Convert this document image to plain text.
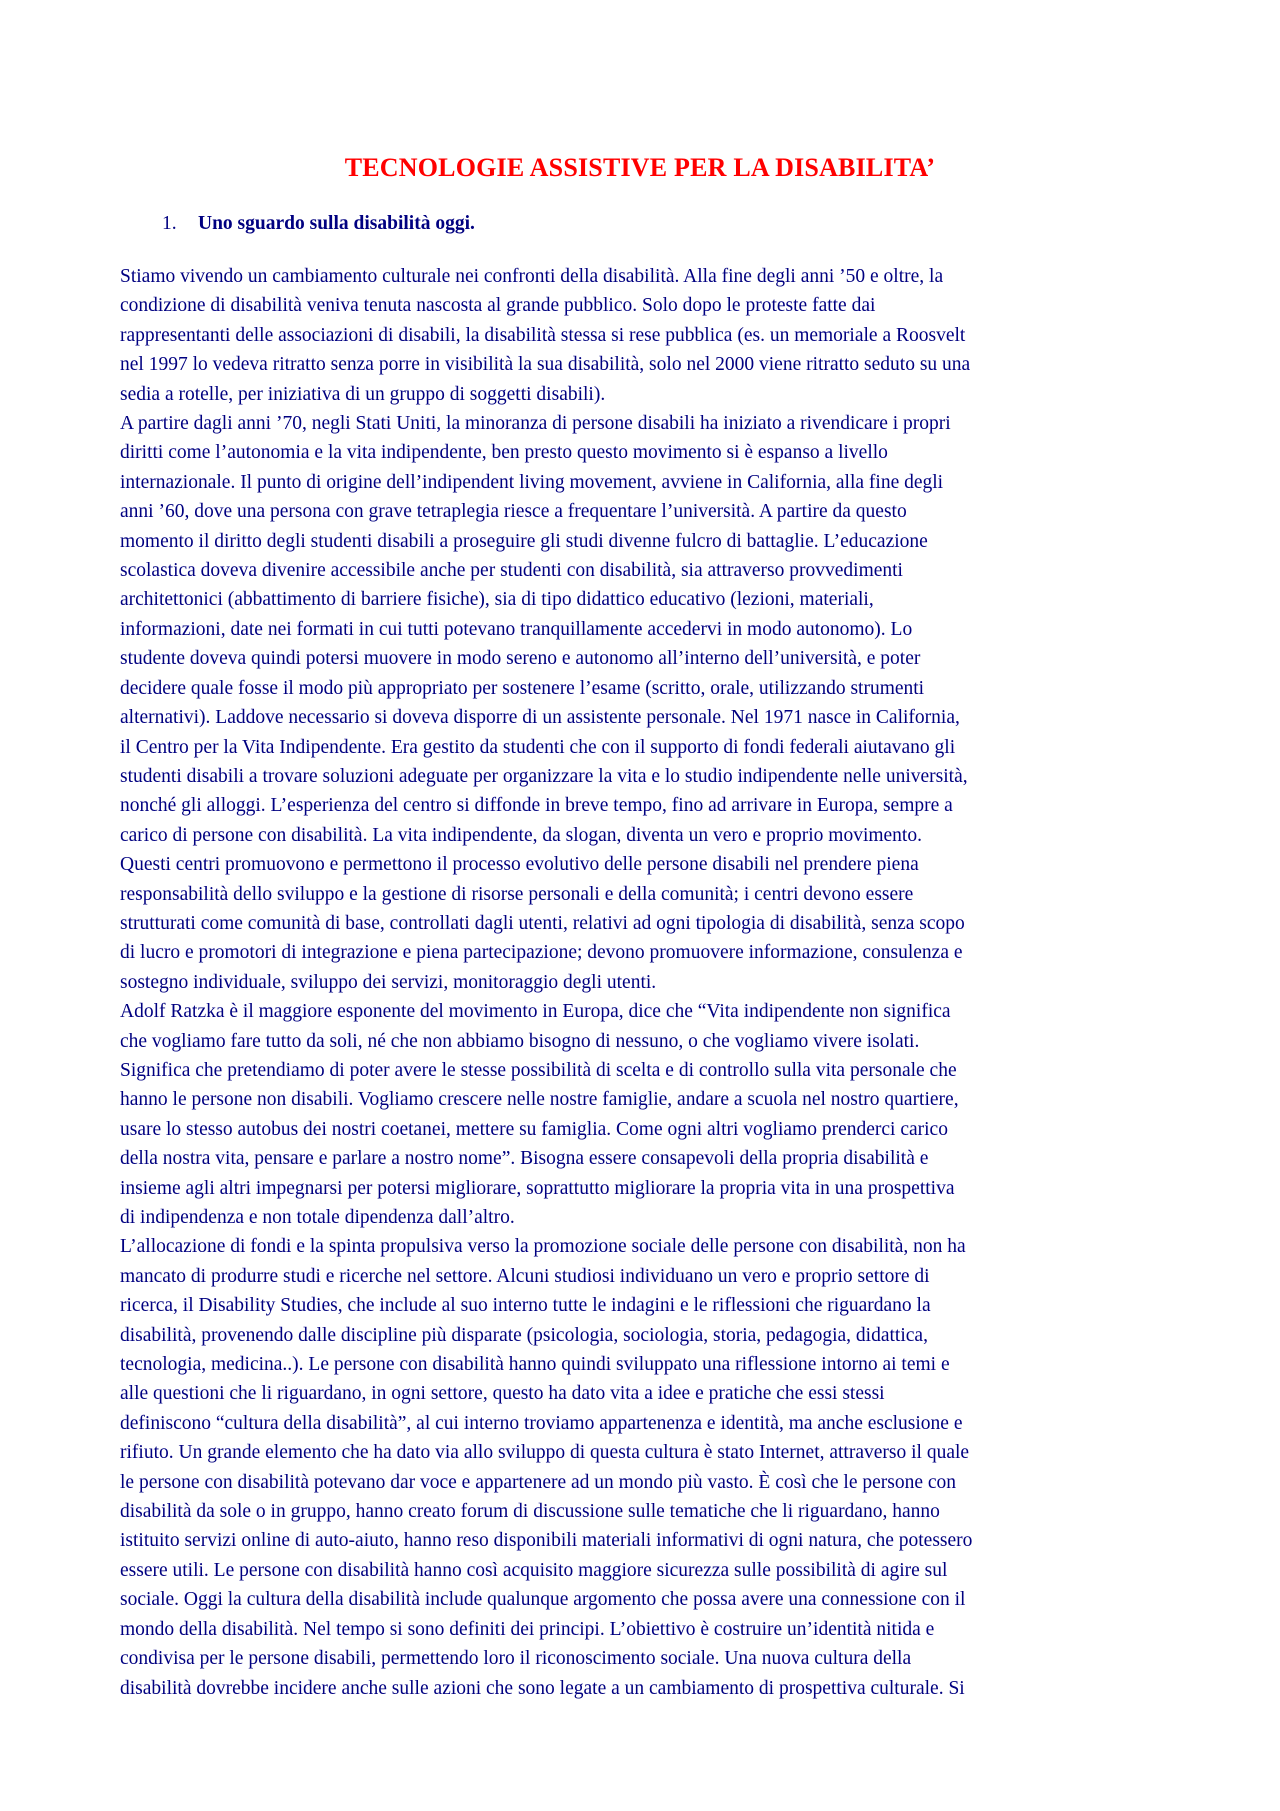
TECNOLOGIE ASSISTIVE PER LA DISABILITA’
1. Uno sguardo sulla disabilità oggi.
Stiamo vivendo un cambiamento culturale nei confronti della disabilità. Alla fine degli anni ’50 e oltre, la
condizione di disabilità veniva tenuta nascosta al grande pubblico. Solo dopo le proteste fatte dai
rappresentanti delle associazioni di disabili, la disabilità stessa si rese pubblica (es. un memoriale a Roosvelt
nel 1997 lo vedeva ritratto senza porre in visibilità la sua disabilità, solo nel 2000 viene ritratto seduto su una
sedia a rotelle, per iniziativa di un gruppo di soggetti disabili).
A partire dagli anni ’70, negli Stati Uniti, la minoranza di persone disabili ha iniziato a rivendicare i propri
diritti come l’autonomia e la vita indipendente, ben presto questo movimento si è espanso a livello
internazionale. Il punto di origine dell’indipendent living movement, avviene in California, alla fine degli
anni ’60, dove una persona con grave tetraplegia riesce a frequentare l’università. A partire da questo
momento il diritto degli studenti disabili a proseguire gli studi divenne fulcro di battaglie. L’educazione
scolastica doveva divenire accessibile anche per studenti con disabilità, sia attraverso provvedimenti
architettonici (abbattimento di barriere fisiche), sia di tipo didattico educativo (lezioni, materiali,
informazioni, date nei formati in cui tutti potevano tranquillamente accedervi in modo autonomo). Lo
studente doveva quindi potersi muovere in modo sereno e autonomo all’interno dell’università, e poter
decidere quale fosse il modo più appropriato per sostenere l’esame (scritto, orale, utilizzando strumenti
alternativi). Laddove necessario si doveva disporre di un assistente personale. Nel 1971 nasce in California,
il Centro per la Vita Indipendente. Era gestito da studenti che con il supporto di fondi federali aiutavano gli
studenti disabili a trovare soluzioni adeguate per organizzare la vita e lo studio indipendente nelle università,
nonché gli alloggi. L’esperienza del centro si diffonde in breve tempo, fino ad arrivare in Europa, sempre a
carico di persone con disabilità. La vita indipendente, da slogan, diventa un vero e proprio movimento.
Questi centri promuovono e permettono il processo evolutivo delle persone disabili nel prendere piena
responsabilità dello sviluppo e la gestione di risorse personali e della comunità; i centri devono essere
strutturati come comunità di base, controllati dagli utenti, relativi ad ogni tipologia di disabilità, senza scopo
di lucro e promotori di integrazione e piena partecipazione; devono promuovere informazione, consulenza e
sostegno individuale, sviluppo dei servizi, monitoraggio degli utenti.
Adolf Ratzka è il maggiore esponente del movimento in Europa, dice che “Vita indipendente non significa
che vogliamo fare tutto da soli, né che non abbiamo bisogno di nessuno, o che vogliamo vivere isolati.
Significa che pretendiamo di poter avere le stesse possibilità di scelta e di controllo sulla vita personale che
hanno le persone non disabili. Vogliamo crescere nelle nostre famiglie, andare a scuola nel nostro quartiere,
usare lo stesso autobus dei nostri coetanei, mettere su famiglia. Come ogni altri vogliamo prenderci carico
della nostra vita, pensare e parlare a nostro nome”. Bisogna essere consapevoli della propria disabilità e
insieme agli altri impegnarsi per potersi migliorare, soprattutto migliorare la propria vita in una prospettiva
di indipendenza e non totale dipendenza dall’altro.
L’allocazione di fondi e la spinta propulsiva verso la promozione sociale delle persone con disabilità, non ha
mancato di produrre studi e ricerche nel settore. Alcuni studiosi individuano un vero e proprio settore di
ricerca, il Disability Studies, che include al suo interno tutte le indagini e le riflessioni che riguardano la
disabilità, provenendo dalle discipline più disparate (psicologia, sociologia, storia, pedagogia, didattica,
tecnologia, medicina..). Le persone con disabilità hanno quindi sviluppato una riflessione intorno ai temi e
alle questioni che li riguardano, in ogni settore, questo ha dato vita a idee e pratiche che essi stessi
definiscono “cultura della disabilità”, al cui interno troviamo appartenenza e identità, ma anche esclusione e
rifiuto. Un grande elemento che ha dato via allo sviluppo di questa cultura è stato Internet, attraverso il quale
le persone con disabilità potevano dar voce e appartenere ad un mondo più vasto. È così che le persone con
disabilità da sole o in gruppo, hanno creato forum di discussione sulle tematiche che li riguardano, hanno
istituito servizi online di auto-aiuto, hanno reso disponibili materiali informativi di ogni natura, che potessero
essere utili. Le persone con disabilità hanno così acquisito maggiore sicurezza sulle possibilità di agire sul
sociale. Oggi la cultura della disabilità include qualunque argomento che possa avere una connessione con il
mondo della disabilità. Nel tempo si sono definiti dei principi. L’obiettivo è costruire un’identità nitida e
condivisa per le persone disabili, permettendo loro il riconoscimento sociale. Una nuova cultura della
disabilità dovrebbe incidere anche sulle azioni che sono legate a un cambiamento di prospettiva culturale. Si
